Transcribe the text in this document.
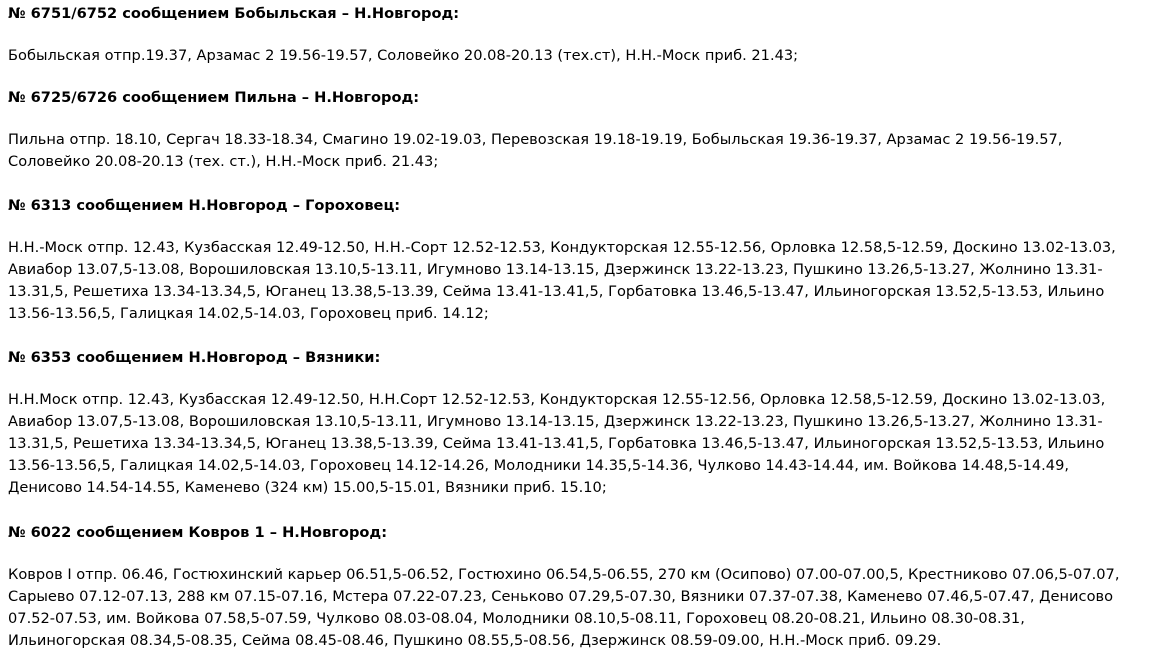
№ 6751/6752 сообщением Бобыльская – Н.Новгород:

Бобыльская отпр.19.37, Арзамас 2 19.56-19.57, Соловейко 20.08-20.13 (тех.ст), Н.Н.-Моск приб. 21.43;

№ 6725/6726 сообщением Пильна – Н.Новгород:

Пильна отпр. 18.10, Сергач 18.33-18.34, Смагино 19.02-19.03, Перевозская 19.18-19.19, Бобыльская 19.36-19.37, Арзамас 2 19.56-19.57, Соловейко 20.08-20.13 (тех. ст.), Н.Н.-Моск приб. 21.43;

№ 6313 сообщением Н.Новгород – Гороховец:

Н.Н.-Моск отпр. 12.43, Кузбасская 12.49-12.50, Н.Н.-Сорт 12.52-12.53, Кондукторская 12.55-12.56, Орловка 12.58,5-12.59, Доскино 13.02-13.03, Авиабор 13.07,5-13.08, Ворошиловская 13.10,5-13.11, Игумново 13.14-13.15, Дзержинск 13.22-13.23, Пушкино 13.26,5-13.27, Жолнино 13.31-13.31,5, Решетиха 13.34-13.34,5, Юганец 13.38,5-13.39, Сейма 13.41-13.41,5, Горбатовка 13.46,5-13.47, Ильиногорская 13.52,5-13.53, Ильино 13.56-13.56,5, Галицкая 14.02,5-14.03, Гороховец приб. 14.12;

№ 6353 сообщением Н.Новгород – Вязники:

Н.Н.Моск отпр. 12.43, Кузбасская 12.49-12.50, Н.Н.Сорт 12.52-12.53, Кондукторская 12.55-12.56, Орловка 12.58,5-12.59, Доскино 13.02-13.03, Авиабор 13.07,5-13.08, Ворошиловская 13.10,5-13.11, Игумново 13.14-13.15, Дзержинск 13.22-13.23, Пушкино 13.26,5-13.27, Жолнино 13.31-13.31,5, Решетиха 13.34-13.34,5, Юганец 13.38,5-13.39, Сейма 13.41-13.41,5, Горбатовка 13.46,5-13.47, Ильиногорская 13.52,5-13.53, Ильино 13.56-13.56,5, Галицкая 14.02,5-14.03, Гороховец 14.12-14.26, Молодники 14.35,5-14.36, Чулково 14.43-14.44, им. Войкова 14.48,5-14.49, Денисово 14.54-14.55, Каменево (324 км) 15.00,5-15.01, Вязники приб. 15.10;

№ 6022 сообщением Ковров 1 – Н.Новгород:

Ковров I отпр. 06.46, Гостюхинский карьер 06.51,5-06.52, Гостюхино 06.54,5-06.55, 270 км (Осипово) 07.00-07.00,5, Крестниково 07.06,5-07.07, Сарыево 07.12-07.13, 288 км 07.15-07.16, Мстера 07.22-07.23, Сеньково 07.29,5-07.30, Вязники 07.37-07.38, Каменево 07.46,5-07.47, Денисово 07.52-07.53, им. Войкова 07.58,5-07.59, Чулково 08.03-08.04, Молодники 08.10,5-08.11, Гороховец 08.20-08.21, Ильино 08.30-08.31, Ильиногорская 08.34,5-08.35, Сейма 08.45-08.46, Пушкино 08.55,5-08.56, Дзержинск 08.59-09.00, Н.Н.-Моск приб. 09.29.
